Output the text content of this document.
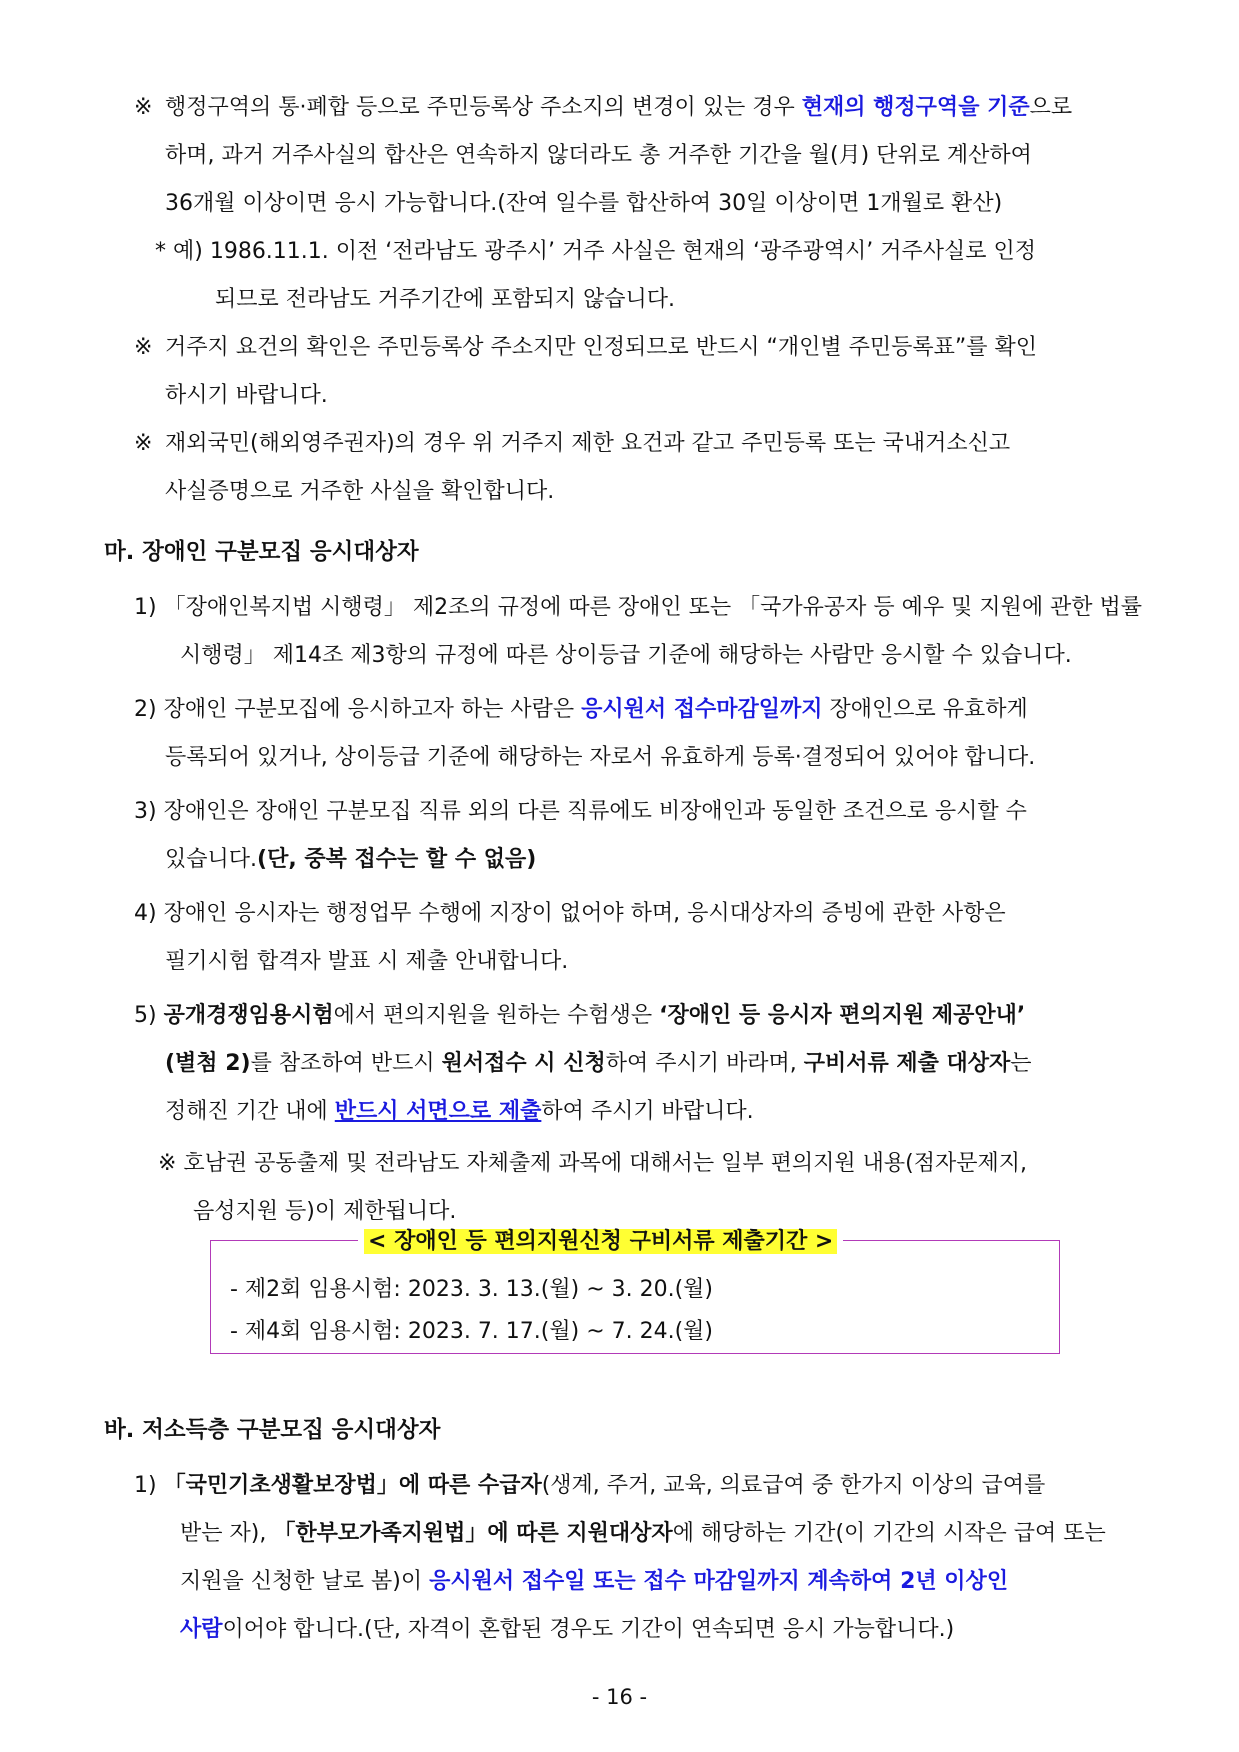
※ 행정구역의 통·폐합 등으로 주민등록상 주소지의 변경이 있는 경우 현재의 행정구역을 기준으로
하며, 과거 거주사실의 합산은 연속하지 않더라도 총 거주한 기간을 월(月) 단위로 계산하여
36개월 이상이면 응시 가능합니다.(잔여 일수를 합산하여 30일 이상이면 1개월로 환산)
* 예) 1986.11.1. 이전 ‘전라남도 광주시’ 거주 사실은 현재의 ‘광주광역시’ 거주사실로 인정
되므로 전라남도 거주기간에 포함되지 않습니다.
※ 거주지 요건의 확인은 주민등록상 주소지만 인정되므로 반드시 “개인별 주민등록표”를 확인
하시기 바랍니다.
※ 재외국민(해외영주권자)의 경우 위 거주지 제한 요건과 같고 주민등록 또는 국내거소신고
사실증명으로 거주한 사실을 확인합니다.
마. 장애인 구분모집 응시대상자
1) 「장애인복지법 시행령」 제2조의 규정에 따른 장애인 또는 「국가유공자 등 예우 및 지원에 관한 법률
시행령」 제14조 제3항의 규정에 따른 상이등급 기준에 해당하는 사람만 응시할 수 있습니다.
2) 장애인 구분모집에 응시하고자 하는 사람은 응시원서 접수마감일까지 장애인으로 유효하게
등록되어 있거나, 상이등급 기준에 해당하는 자로서 유효하게 등록·결정되어 있어야 합니다.
3) 장애인은 장애인 구분모집 직류 외의 다른 직류에도 비장애인과 동일한 조건으로 응시할 수
있습니다.(단, 중복 접수는 할 수 없음)
4) 장애인 응시자는 행정업무 수행에 지장이 없어야 하며, 응시대상자의 증빙에 관한 사항은
필기시험 합격자 발표 시 제출 안내합니다.
5) 공개경쟁임용시험에서 편의지원을 원하는 수험생은 ‘장애인 등 응시자 편의지원 제공안내’
(별첨 2)를 참조하여 반드시 원서접수 시 신청하여 주시기 바라며, 구비서류 제출 대상자는
정해진 기간 내에 반드시 서면으로 제출하여 주시기 바랍니다.
※ 호남권 공동출제 및 전라남도 자체출제 과목에 대해서는 일부 편의지원 내용(점자문제지,
음성지원 등)이 제한됩니다.
< 장애인 등 편의지원신청 구비서류 제출기간 >
- 제2회 임용시험: 2023. 3. 13.(월) ~ 3. 20.(월)
- 제4회 임용시험: 2023. 7. 17.(월) ~ 7. 24.(월)
바. 저소득층 구분모집 응시대상자
1) 「국민기초생활보장법」에 따른 수급자(생계, 주거, 교육, 의료급여 중 한가지 이상의 급여를
받는 자), 「한부모가족지원법」에 따른 지원대상자에 해당하는 기간(이 기간의 시작은 급여 또는
지원을 신청한 날로 봄)이 응시원서 접수일 또는 접수 마감일까지 계속하여 2년 이상인
사람이어야 합니다.(단, 자격이 혼합된 경우도 기간이 연속되면 응시 가능합니다.)
- 16 -
